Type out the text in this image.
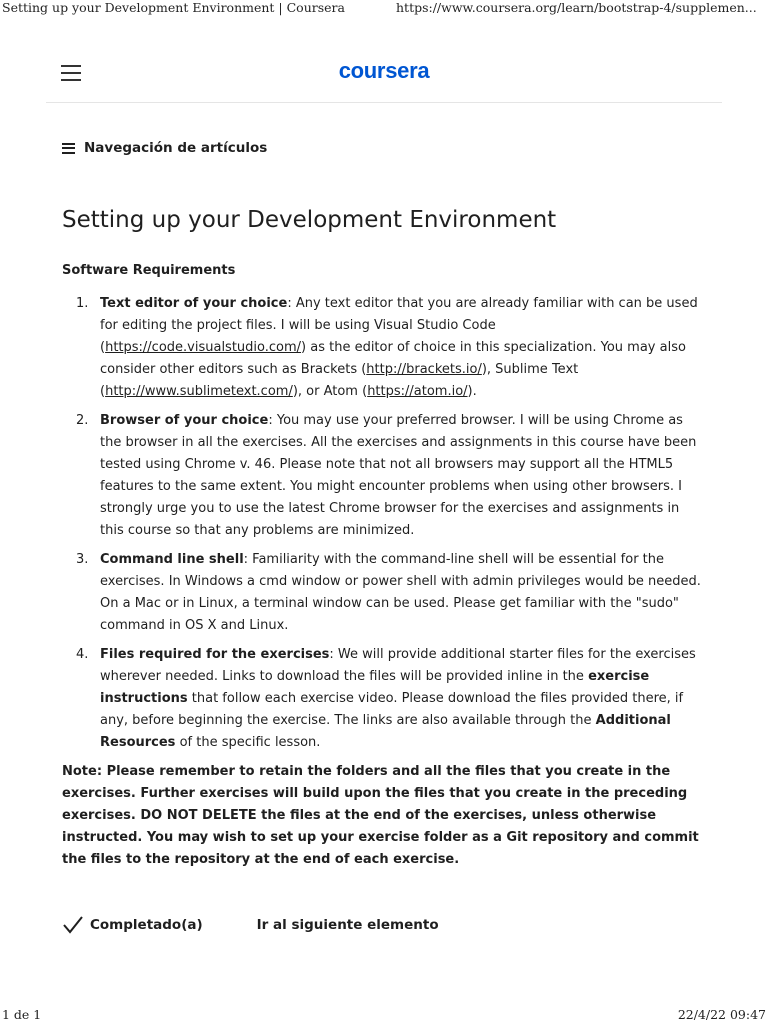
Setting up your Development Environment | Coursera	https://www.coursera.org/learn/bootstrap-4/supplemen...
coursera
Navegación de artículos
Setting up your Development Environment
Software Requirements
1. Text editor of your choice: Any text editor that you are already familiar with can be used for editing the project files. I will be using Visual Studio Code (https://code.visualstudio.com/) as the editor of choice in this specialization. You may also consider other editors such as Brackets (http://brackets.io/), Sublime Text (http://www.sublimetext.com/), or Atom (https://atom.io/).
2. Browser of your choice: You may use your preferred browser. I will be using Chrome as the browser in all the exercises. All the exercises and assignments in this course have been tested using Chrome v. 46. Please note that not all browsers may support all the HTML5 features to the same extent. You might encounter problems when using other browsers. I strongly urge you to use the latest Chrome browser for the exercises and assignments in this course so that any problems are minimized.
3. Command line shell: Familiarity with the command-line shell will be essential for the exercises. In Windows a cmd window or power shell with admin privileges would be needed. On a Mac or in Linux, a terminal window can be used. Please get familiar with the "sudo" command in OS X and Linux.
4. Files required for the exercises: We will provide additional starter files for the exercises wherever needed. Links to download the files will be provided inline in the exercise instructions that follow each exercise video. Please download the files provided there, if any, before beginning the exercise. The links are also available through the Additional Resources of the specific lesson.
Note: Please remember to retain the folders and all the files that you create in the exercises. Further exercises will build upon the files that you create in the preceding exercises. DO NOT DELETE the files at the end of the exercises, unless otherwise instructed. You may wish to set up your exercise folder as a Git repository and commit the files to the repository at the end of each exercise.
Completado(a)	Ir al siguiente elemento
1 de 1	22/4/22 09:47
